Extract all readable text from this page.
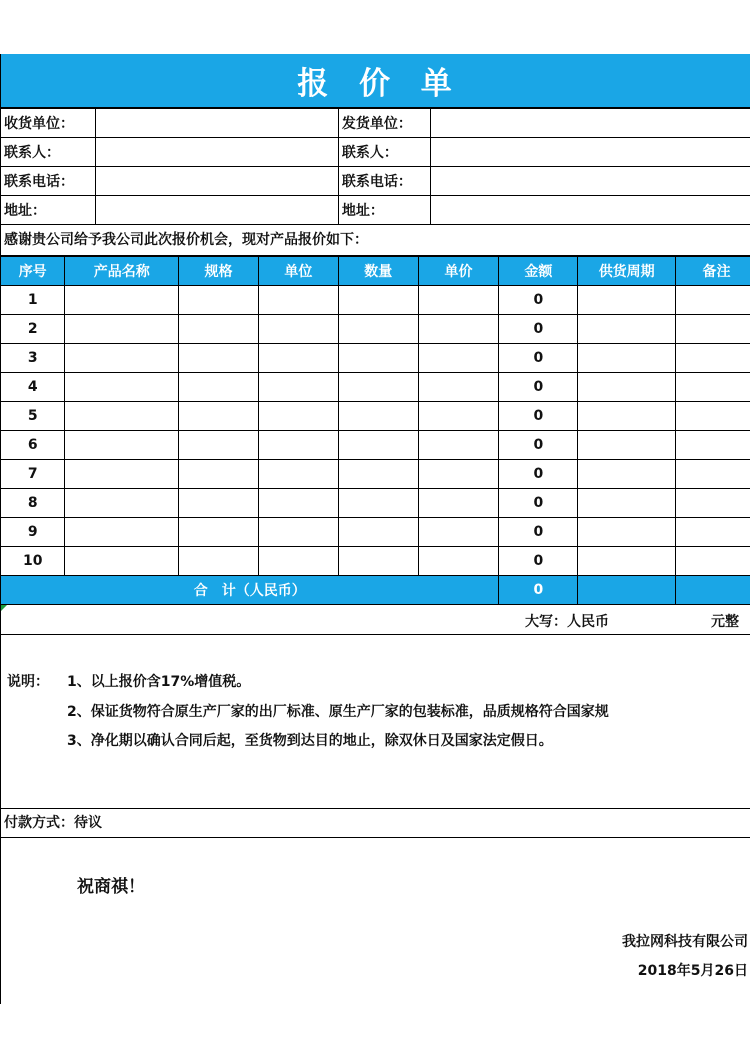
报 价 单
收货单位：		发货单位：	
联系人：		联系人：	
联系电话：		联系电话：	
地址：		地址：	
感谢贵公司给予我公司此次报价机会，现对产品报价如下：
序号	产品名称	规格	单位	数量	单价	金额	供货周期	备注
1						0		
2						0		
3						0		
4						0		
5						0		
6						0		
7						0		
8						0		
9						0		
10						0		
合　计（人民币）						0		
大写：人民币	元整
说明： 1、以上报价含17%增值税。
2、保证货物符合原生产厂家的出厂标准、原生产厂家的包装标准，品质规格符合国家规
3、净化期以确认合同后起，至货物到达目的地止，除双休日及国家法定假日。
付款方式：待议
祝商祺！
我拉网科技有限公司
2018年5月26日
